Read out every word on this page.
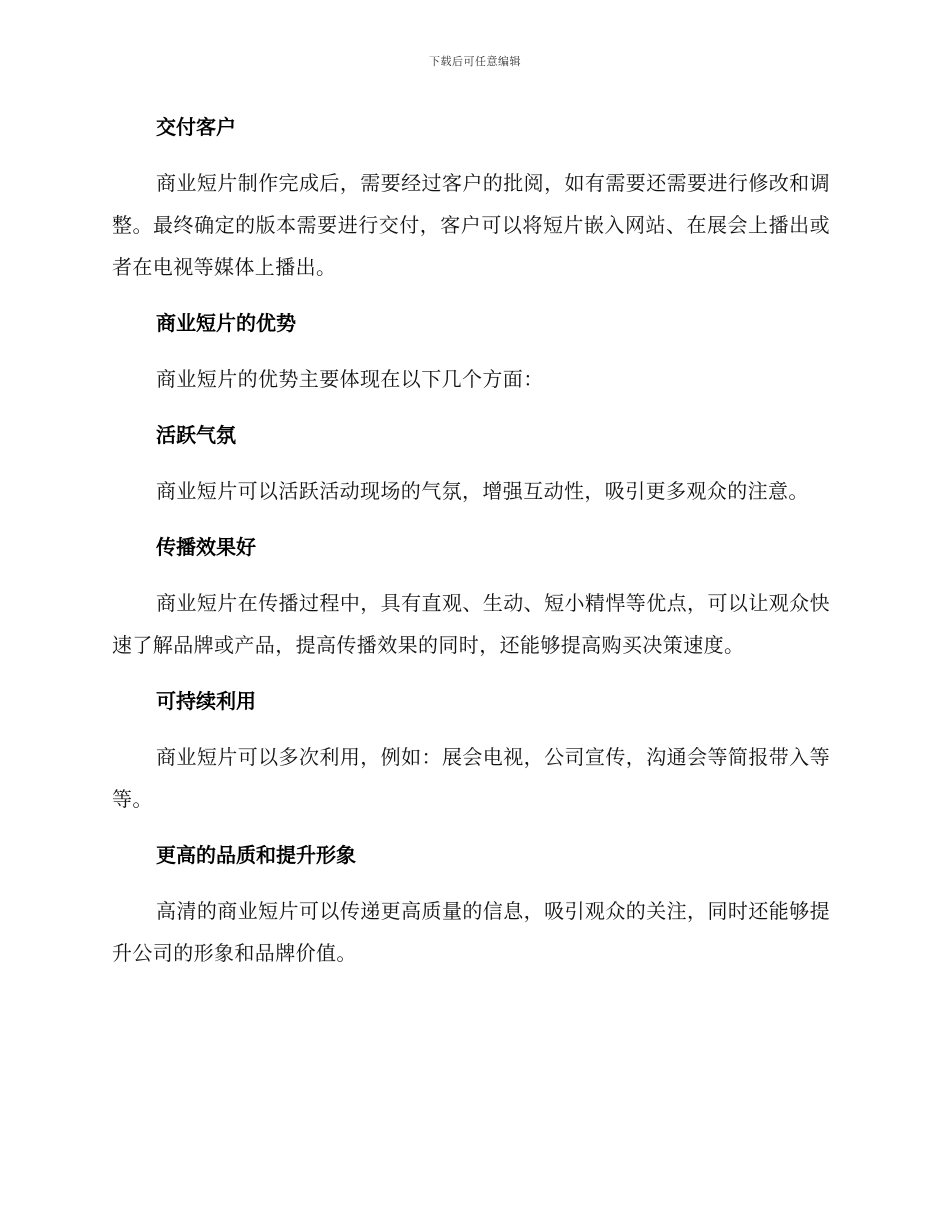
下载后可任意编辑
交付客户

商业短片制作完成后，需要经过客户的批阅，如有需要还需要进行修改和调整。最终确定的版本需要进行交付，客户可以将短片嵌入网站、在展会上播出或者在电视等媒体上播出。

商业短片的优势

商业短片的优势主要体现在以下几个方面：

活跃气氛

商业短片可以活跃活动现场的气氛，增强互动性，吸引更多观众的注意。

传播效果好

商业短片在传播过程中，具有直观、生动、短小精悍等优点，可以让观众快速了解品牌或产品，提高传播效果的同时，还能够提高购买决策速度。

可持续利用

商业短片可以多次利用，例如：展会电视，公司宣传，沟通会等简报带入等等。

更高的品质和提升形象

高清的商业短片可以传递更高质量的信息，吸引观众的关注，同时还能够提升公司的形象和品牌价值。
